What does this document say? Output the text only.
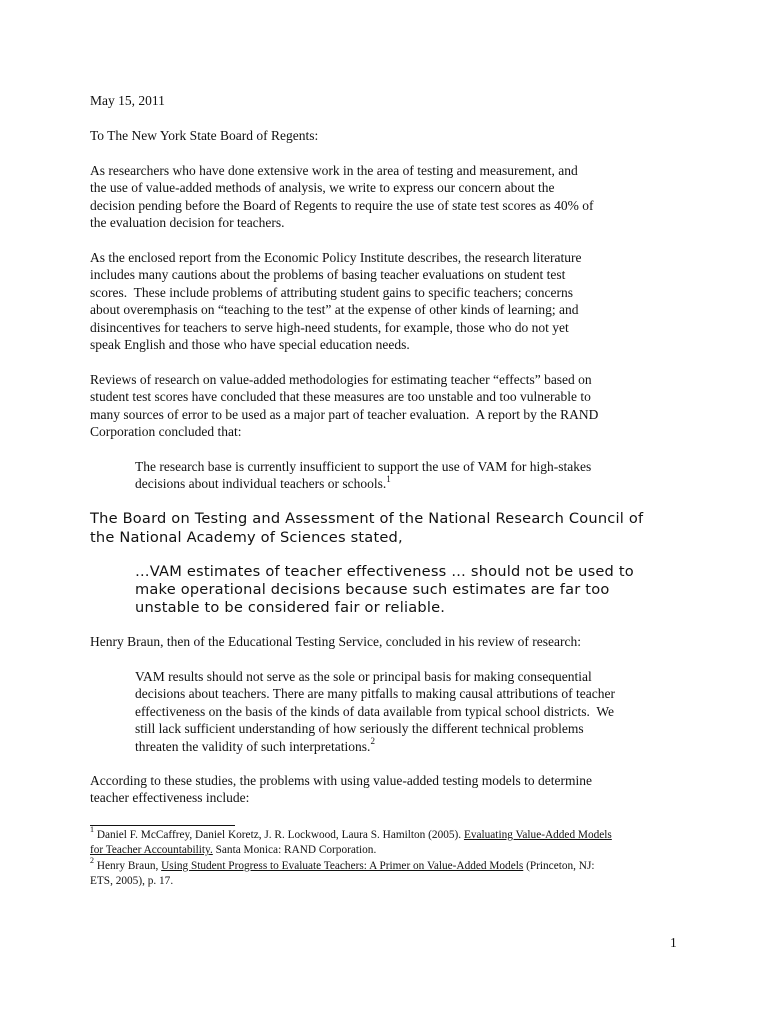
May 15, 2011

To The New York State Board of Regents:

As researchers who have done extensive work in the area of testing and measurement, and
the use of value-added methods of analysis, we write to express our concern about the
decision pending before the Board of Regents to require the use of state test scores as 40% of
the evaluation decision for teachers.

As the enclosed report from the Economic Policy Institute describes, the research literature
includes many cautions about the problems of basing teacher evaluations on student test
scores.  These include problems of attributing student gains to specific teachers; concerns
about overemphasis on “teaching to the test” at the expense of other kinds of learning; and
disincentives for teachers to serve high-need students, for example, those who do not yet
speak English and those who have special education needs.

Reviews of research on value-added methodologies for estimating teacher “effects” based on
student test scores have concluded that these measures are too unstable and too vulnerable to
many sources of error to be used as a major part of teacher evaluation.  A report by the RAND
Corporation concluded that:

The research base is currently insufficient to support the use of VAM for high-stakes
decisions about individual teachers or schools.$^1$

The Board on Testing and Assessment of the National Research Council of
the National Academy of Sciences stated,

…VAM estimates of teacher effectiveness … should not be used to
make operational decisions because such estimates are far too
unstable to be considered fair or reliable.

Henry Braun, then of the Educational Testing Service, concluded in his review of research:

VAM results should not serve as the sole or principal basis for making consequential
decisions about teachers. There are many pitfalls to making causal attributions of teacher
effectiveness on the basis of the kinds of data available from typical school districts.  We
still lack sufficient understanding of how seriously the different technical problems
threaten the validity of such interpretations.$^2$

According to these studies, the problems with using value-added testing models to determine
teacher effectiveness include:

$^1$ Daniel F. McCaffrey, Daniel Koretz, J. R. Lockwood, Laura S. Hamilton (2005). Evaluating Value-Added Models
for Teacher Accountability. Santa Monica: RAND Corporation.
$^2$ Henry Braun, Using Student Progress to Evaluate Teachers: A Primer on Value-Added Models (Princeton, NJ:
ETS, 2005), p. 17.
1
